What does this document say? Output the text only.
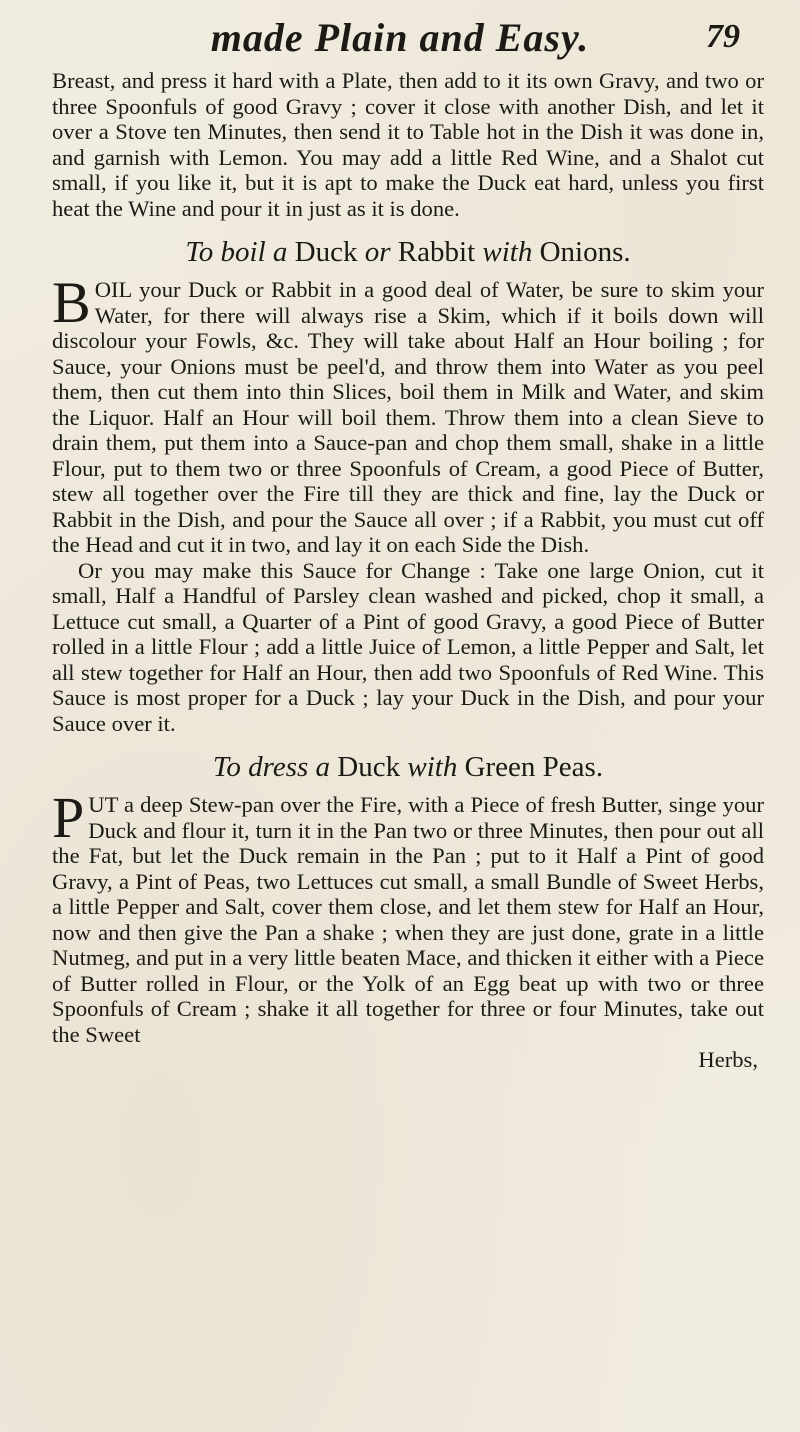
made Plain and Easy.	79

Breast, and press it hard with a Plate, then add to it its own Gravy, and two or three Spoonfuls of good Gravy ; cover it close with another Dish, and let it over a Stove ten Minutes, then send it to Table hot in the Dish it was done in, and garnish with Lemon. You may add a little Red Wine, and a Shalot cut small, if you like it, but it is apt to make the Duck eat hard, unless you first heat the Wine and pour it in just as it is done.

To boil a Duck or Rabbit with Onions.

BOIL your Duck or Rabbit in a good deal of Water, be sure to skim your Water, for there will always rise a Skim, which if it boils down will discolour your Fowls, &c. They will take about Half an Hour boiling ; for Sauce, your Onions must be peel'd, and throw them into Water as you peel them, then cut them into thin Slices, boil them in Milk and Water, and skim the Liquor. Half an Hour will boil them. Throw them into a clean Sieve to drain them, put them into a Sauce-pan and chop them small, shake in a little Flour, put to them two or three Spoonfuls of Cream, a good Piece of Butter, stew all together over the Fire till they are thick and fine, lay the Duck or Rabbit in the Dish, and pour the Sauce all over ; if a Rabbit, you must cut off the Head and cut it in two, and lay it on each Side the Dish.

Or you may make this Sauce for Change : Take one large Onion, cut it small, Half a Handful of Parsley clean washed and picked, chop it small, a Lettuce cut small, a Quarter of a Pint of good Gravy, a good Piece of Butter rolled in a little Flour ; add a little Juice of Lemon, a little Pepper and Salt, let all stew together for Half an Hour, then add two Spoonfuls of Red Wine. This Sauce is most proper for a Duck ; lay your Duck in the Dish, and pour your Sauce over it.

To dress a Duck with Green Peas.

PUT a deep Stew-pan over the Fire, with a Piece of fresh Butter, singe your Duck and flour it, turn it in the Pan two or three Minutes, then pour out all the Fat, but let the Duck remain in the Pan ; put to it Half a Pint of good Gravy, a Pint of Peas, two Lettuces cut small, a small Bundle of Sweet Herbs, a little Pepper and Salt, cover them close, and let them stew for Half an Hour, now and then give the Pan a shake ; when they are just done, grate in a little Nutmeg, and put in a very little beaten Mace, and thicken it either with a Piece of Butter rolled in Flour, or the Yolk of an Egg beat up with two or three Spoonfuls of Cream ; shake it all together for three or four Minutes, take out the Sweet

Herbs,
